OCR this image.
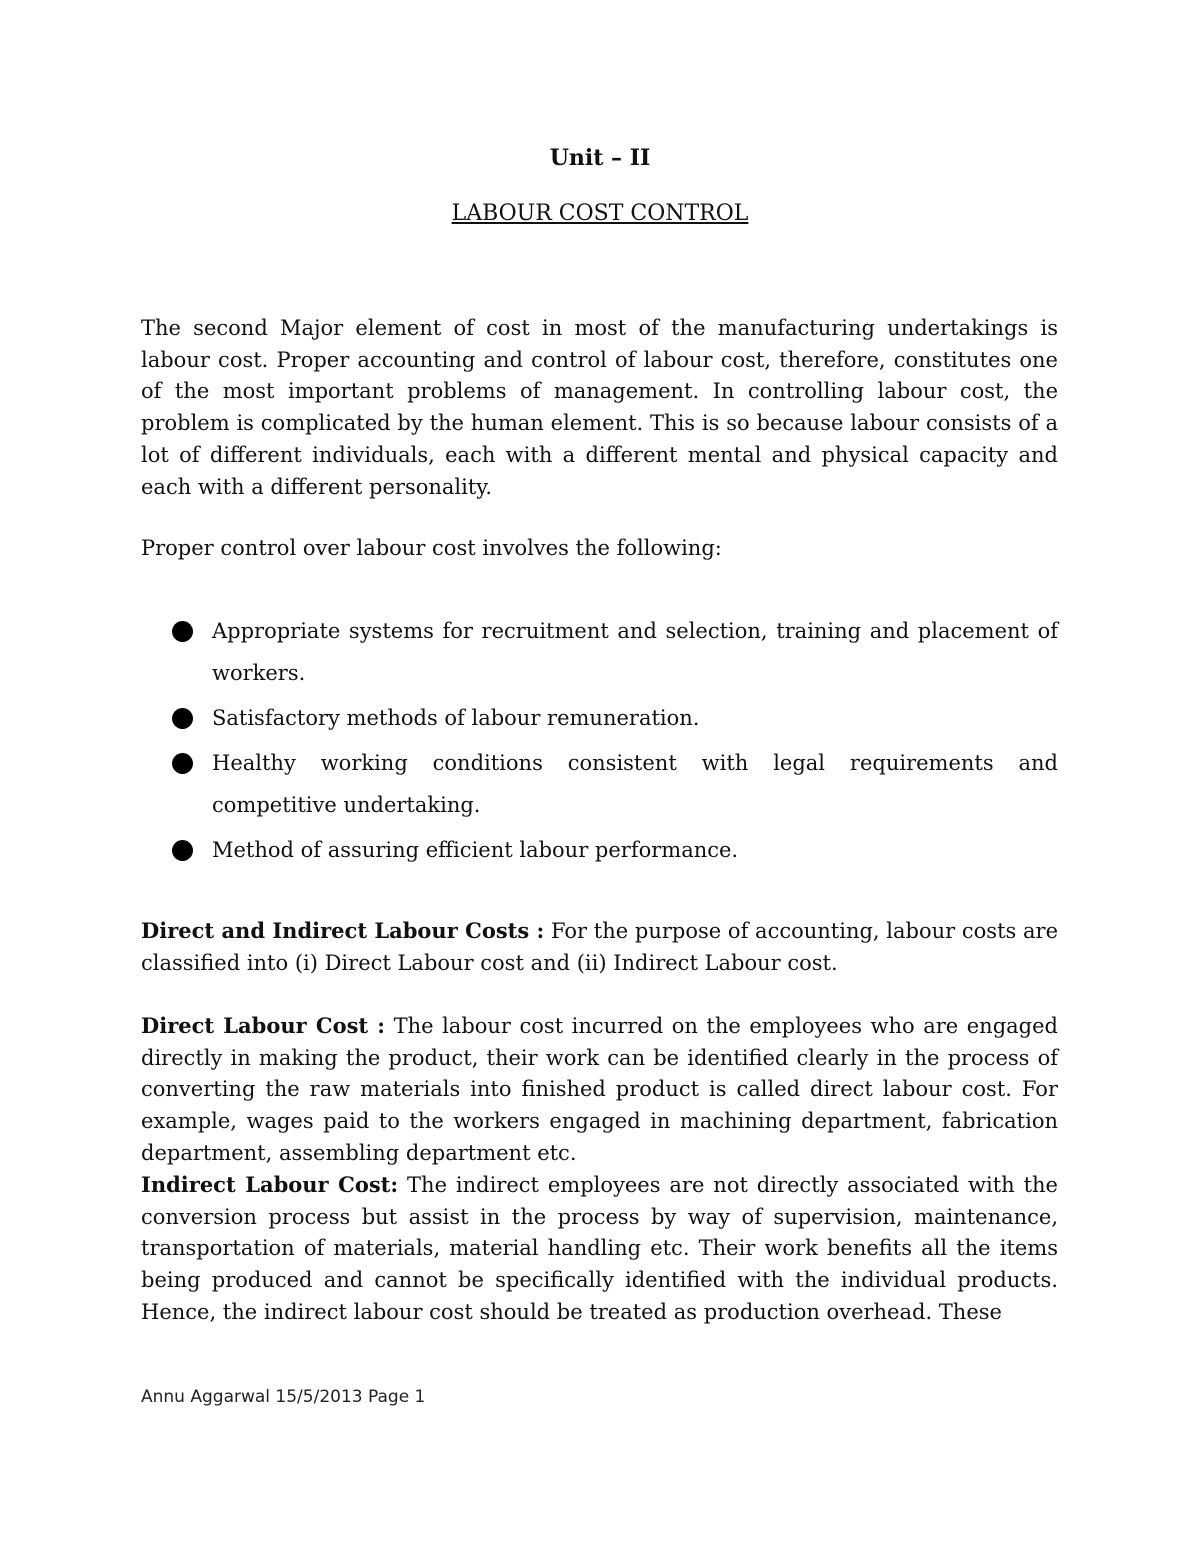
Unit – II
LABOUR COST CONTROL

The second Major element of cost in most of the manufacturing undertakings is labour cost. Proper accounting and control of labour cost, therefore, constitutes one of the most important problems of management. In controlling labour cost, the problem is complicated by the human element. This is so because labour consists of a lot of different individuals, each with a different mental and physical capacity and each with a different personality.

Proper control over labour cost involves the following:

Appropriate systems for recruitment and selection, training and placement of workers.
Satisfactory methods of labour remuneration.
Healthy working conditions consistent with legal requirements and competitive undertaking.
Method of assuring efficient labour performance.

Direct and Indirect Labour Costs : For the purpose of accounting, labour costs are classified into (i) Direct Labour cost and (ii) Indirect Labour cost.

Direct Labour Cost : The labour cost incurred on the employees who are engaged directly in making the product, their work can be identified clearly in the process of converting the raw materials into finished product is called direct labour cost. For example, wages paid to the workers engaged in machining department, fabrication department, assembling department etc.

Indirect Labour Cost: The indirect employees are not directly associated with the conversion process but assist in the process by way of supervision, maintenance, transportation of materials, material handling etc. Their work benefits all the items being produced and cannot be specifically identified with the individual products. Hence, the indirect labour cost should be treated as production overhead. These

Annu Aggarwal 15/5/2013 Page 1
